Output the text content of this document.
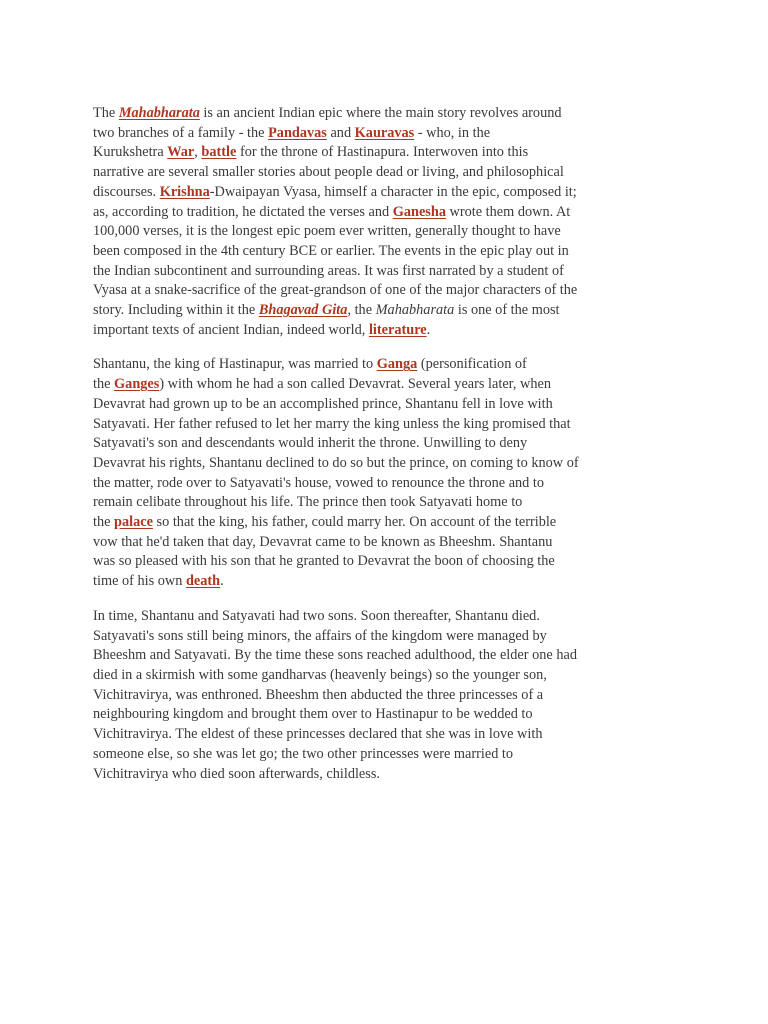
The Mahabharata is an ancient Indian epic where the main story revolves around
two branches of a family - the Pandavas and Kauravas - who, in the
Kurukshetra War, battle for the throne of Hastinapura. Interwoven into this
narrative are several smaller stories about people dead or living, and philosophical
discourses. Krishna-Dwaipayan Vyasa, himself a character in the epic, composed it;
as, according to tradition, he dictated the verses and Ganesha wrote them down. At
100,000 verses, it is the longest epic poem ever written, generally thought to have
been composed in the 4th century BCE or earlier. The events in the epic play out in
the Indian subcontinent and surrounding areas. It was first narrated by a student of
Vyasa at a snake-sacrifice of the great-grandson of one of the major characters of the
story. Including within it the Bhagavad Gita, the Mahabharata is one of the most
important texts of ancient Indian, indeed world, literature.

Shantanu, the king of Hastinapur, was married to Ganga (personification of
the Ganges) with whom he had a son called Devavrat. Several years later, when
Devavrat had grown up to be an accomplished prince, Shantanu fell in love with
Satyavati. Her father refused to let her marry the king unless the king promised that
Satyavati's son and descendants would inherit the throne. Unwilling to deny
Devavrat his rights, Shantanu declined to do so but the prince, on coming to know of
the matter, rode over to Satyavati's house, vowed to renounce the throne and to
remain celibate throughout his life. The prince then took Satyavati home to
the palace so that the king, his father, could marry her. On account of the terrible
vow that he'd taken that day, Devavrat came to be known as Bheeshm. Shantanu
was so pleased with his son that he granted to Devavrat the boon of choosing the
time of his own death.

In time, Shantanu and Satyavati had two sons. Soon thereafter, Shantanu died.
Satyavati's sons still being minors, the affairs of the kingdom were managed by
Bheeshm and Satyavati. By the time these sons reached adulthood, the elder one had
died in a skirmish with some gandharvas (heavenly beings) so the younger son,
Vichitravirya, was enthroned. Bheeshm then abducted the three princesses of a
neighbouring kingdom and brought them over to Hastinapur to be wedded to
Vichitravirya. The eldest of these princesses declared that she was in love with
someone else, so she was let go; the two other princesses were married to
Vichitravirya who died soon afterwards, childless.
